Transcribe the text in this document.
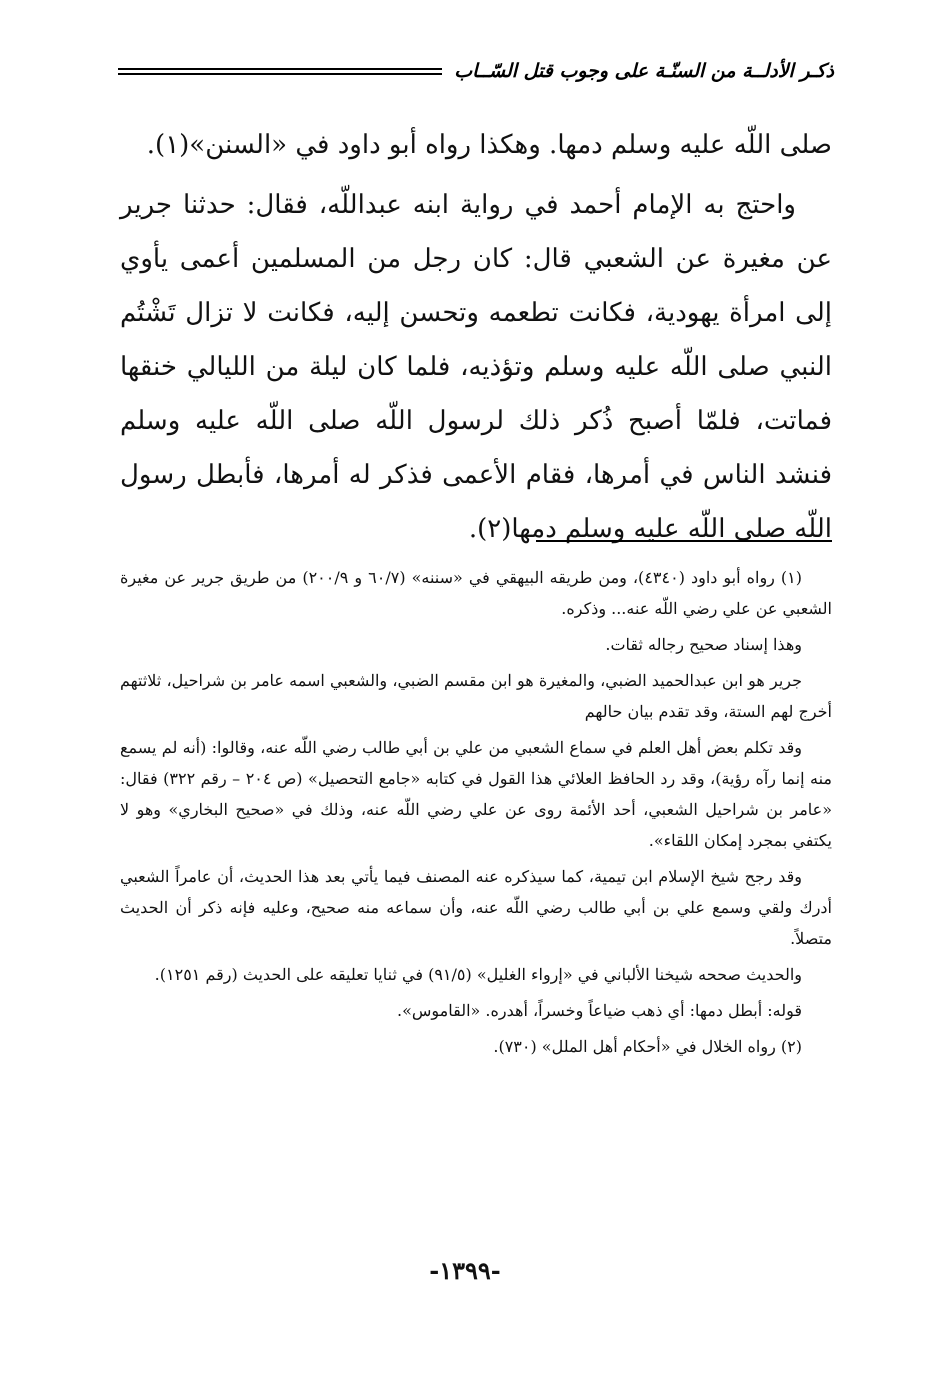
ذكـر الأدلــة من السنّـة على وجوب قتل السّــاب

صلى اللّه عليه وسلم دمها. وهكذا رواه أبو داود في «السنن»(١).

واحتج به الإمام أحمد في رواية ابنه عبداللّه، فقال: حدثنا جرير عن مغيرة عن الشعبي قال: كان رجل من المسلمين أعمى يأوي إلى امرأة يهودية، فكانت تطعمه وتحسن إليه، فكانت لا تزال تَشْتُم النبي صلى اللّه عليه وسلم وتؤذيه، فلما كان ليلة من الليالي خنقها فماتت، فلمّا أصبح ذُكر ذلك لرسول اللّه صلى اللّه عليه وسلم فنشد الناس في أمرها، فقام الأعمى فذكر له أمرها، فأبطل رسول اللّه صلى اللّه عليه وسلم دمها(٢).

(١) رواه أبو داود (٤٣٤٠)، ومن طريقه البيهقي في «سننه» (٦٠/٧ و ٢٠٠/٩) من طريق جرير عن مغيرة الشعبي عن علي رضي اللّه عنه... وذكره.

وهذا إسناد صحيح رجاله ثقات.

جرير هو ابن عبدالحميد الضبي، والمغيرة هو ابن مقسم الضبي، والشعبي اسمه عامر بن شراحيل، ثلاثتهم أخرج لهم الستة، وقد تقدم بيان حالهم

وقد تكلم بعض أهل العلم في سماع الشعبي من علي بن أبي طالب رضي اللّه عنه، وقالوا: (أنه لم يسمع منه إنما رآه رؤية)، وقد رد الحافظ العلائي هذا القول في كتابه «جامع التحصيل» (ص ٢٠٤ – رقم ٣٢٢) فقال: «عامر بن شراحيل الشعبي، أحد الأئمة روى عن علي رضي اللّه عنه، وذلك في «صحيح البخاري» وهو لا يكتفي بمجرد إمكان اللقاء».

وقد رجح شيخ الإسلام ابن تيمية، كما سيذكره عنه المصنف فيما يأتي بعد هذا الحديث، أن عامراً الشعبي أدرك ولقي وسمع علي بن أبي طالب رضي اللّه عنه، وأن سماعه منه صحيح، وعليه فإنه ذكر أن الحديث متصلاً.

والحديث صححه شيخنا الألباني في «إرواء الغليل» (٩١/٥) في ثنايا تعليقه على الحديث (رقم ١٢٥١).

قوله: أبطل دمها: أي ذهب ضياعاً وخسراً، أهدره. «القاموس».

(٢) رواه الخلال في «أحكام أهل الملل» (٧٣٠).

-١٣٩٩-
